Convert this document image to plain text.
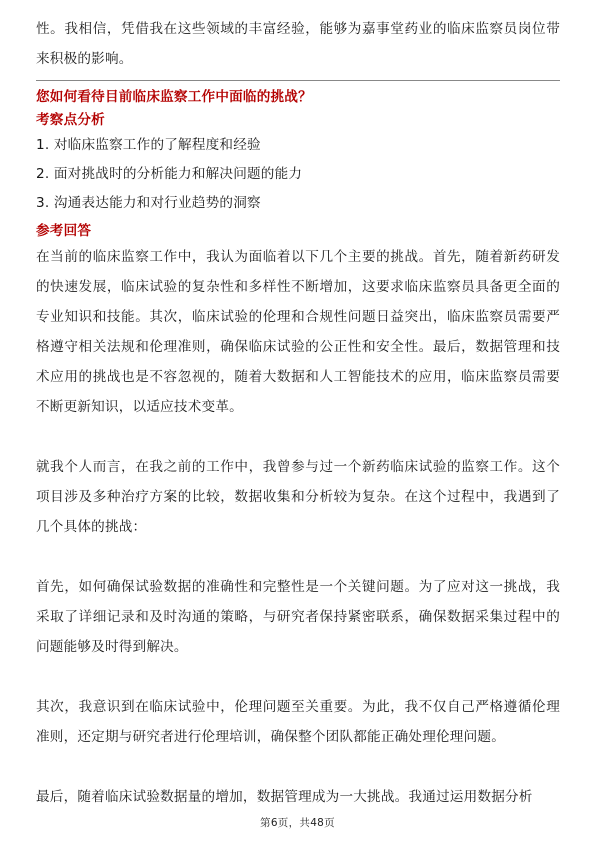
性。我相信，凭借我在这些领域的丰富经验，能够为嘉事堂药业的临床监察员岗位带来积极的影响。

您如何看待目前临床监察工作中面临的挑战？

考察点分析

1. 对临床监察工作的了解程度和经验
2. 面对挑战时的分析能力和解决问题的能力
3. 沟通表达能力和对行业趋势的洞察

参考回答

在当前的临床监察工作中，我认为面临着以下几个主要的挑战。首先，随着新药研发的快速发展，临床试验的复杂性和多样性不断增加，这要求临床监察员具备更全面的专业知识和技能。其次，临床试验的伦理和合规性问题日益突出，临床监察员需要严格遵守相关法规和伦理准则，确保临床试验的公正性和安全性。最后，数据管理和技术应用的挑战也是不容忽视的，随着大数据和人工智能技术的应用，临床监察员需要不断更新知识，以适应技术变革。

就我个人而言，在我之前的工作中，我曾参与过一个新药临床试验的监察工作。这个项目涉及多种治疗方案的比较，数据收集和分析较为复杂。在这个过程中，我遇到了几个具体的挑战：

首先，如何确保试验数据的准确性和完整性是一个关键问题。为了应对这一挑战，我采取了详细记录和及时沟通的策略，与研究者保持紧密联系，确保数据采集过程中的问题能够及时得到解决。

其次，我意识到在临床试验中，伦理问题至关重要。为此，我不仅自己严格遵循伦理准则，还定期与研究者进行伦理培训，确保整个团队都能正确处理伦理问题。

最后，随着临床试验数据量的增加，数据管理成为一大挑战。我通过运用数据分析

第6页，共48页
